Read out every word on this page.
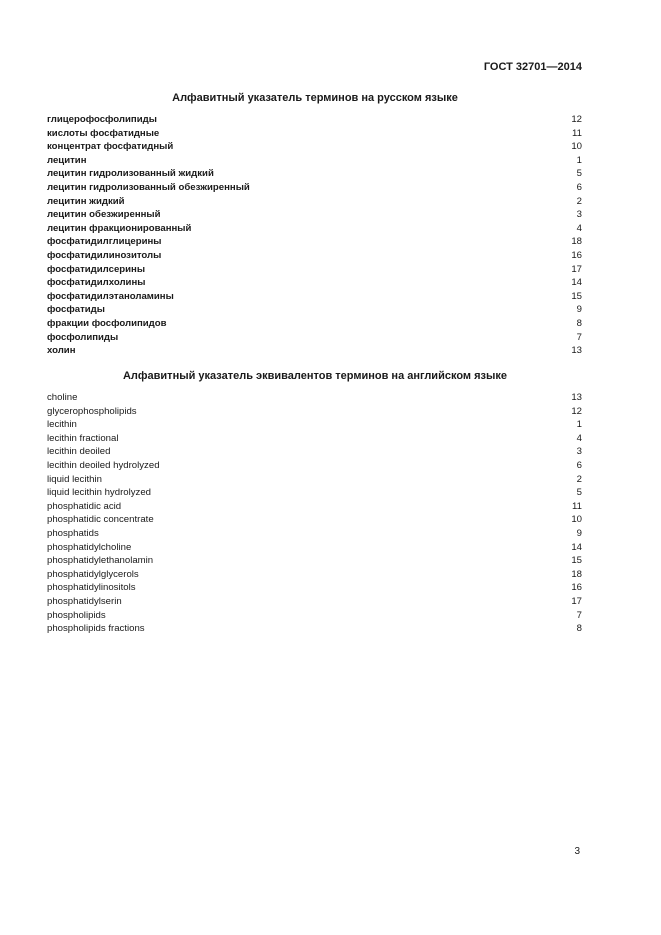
ГОСТ 32701—2014
Алфавитный указатель терминов на русском языке
глицерофосфолипиды	12
кислоты фосфатидные	11
концентрат фосфатидный	10
лецитин	1
лецитин гидролизованный жидкий	5
лецитин гидролизованный обезжиренный	6
лецитин жидкий	2
лецитин обезжиренный	3
лецитин фракционированный	4
фосфатидилглицерины	18
фосфатидилинозитолы	16
фосфатидилсерины	17
фосфатидилхолины	14
фосфатидилэтаноламины	15
фосфатиды	9
фракции фосфолипидов	8
фосфолипиды	7
холин	13
Алфавитный указатель эквивалентов терминов на английском языке
choline	13
glycerophospholipids	12
lecithin	1
lecithin fractional	4
lecithin deoiled	3
lecithin deoiled hydrolyzed	6
liquid lecithin	2
liquid lecithin hydrolyzed	5
phosphatidic acid	11
phosphatidic concentrate	10
phosphatids	9
phosphatidylcholine	14
phosphatidylethanolamin	15
phosphatidylglycerols	18
phosphatidylinositols	16
phosphatidylserin	17
phospholipids	7
phospholipids fractions	8
3
